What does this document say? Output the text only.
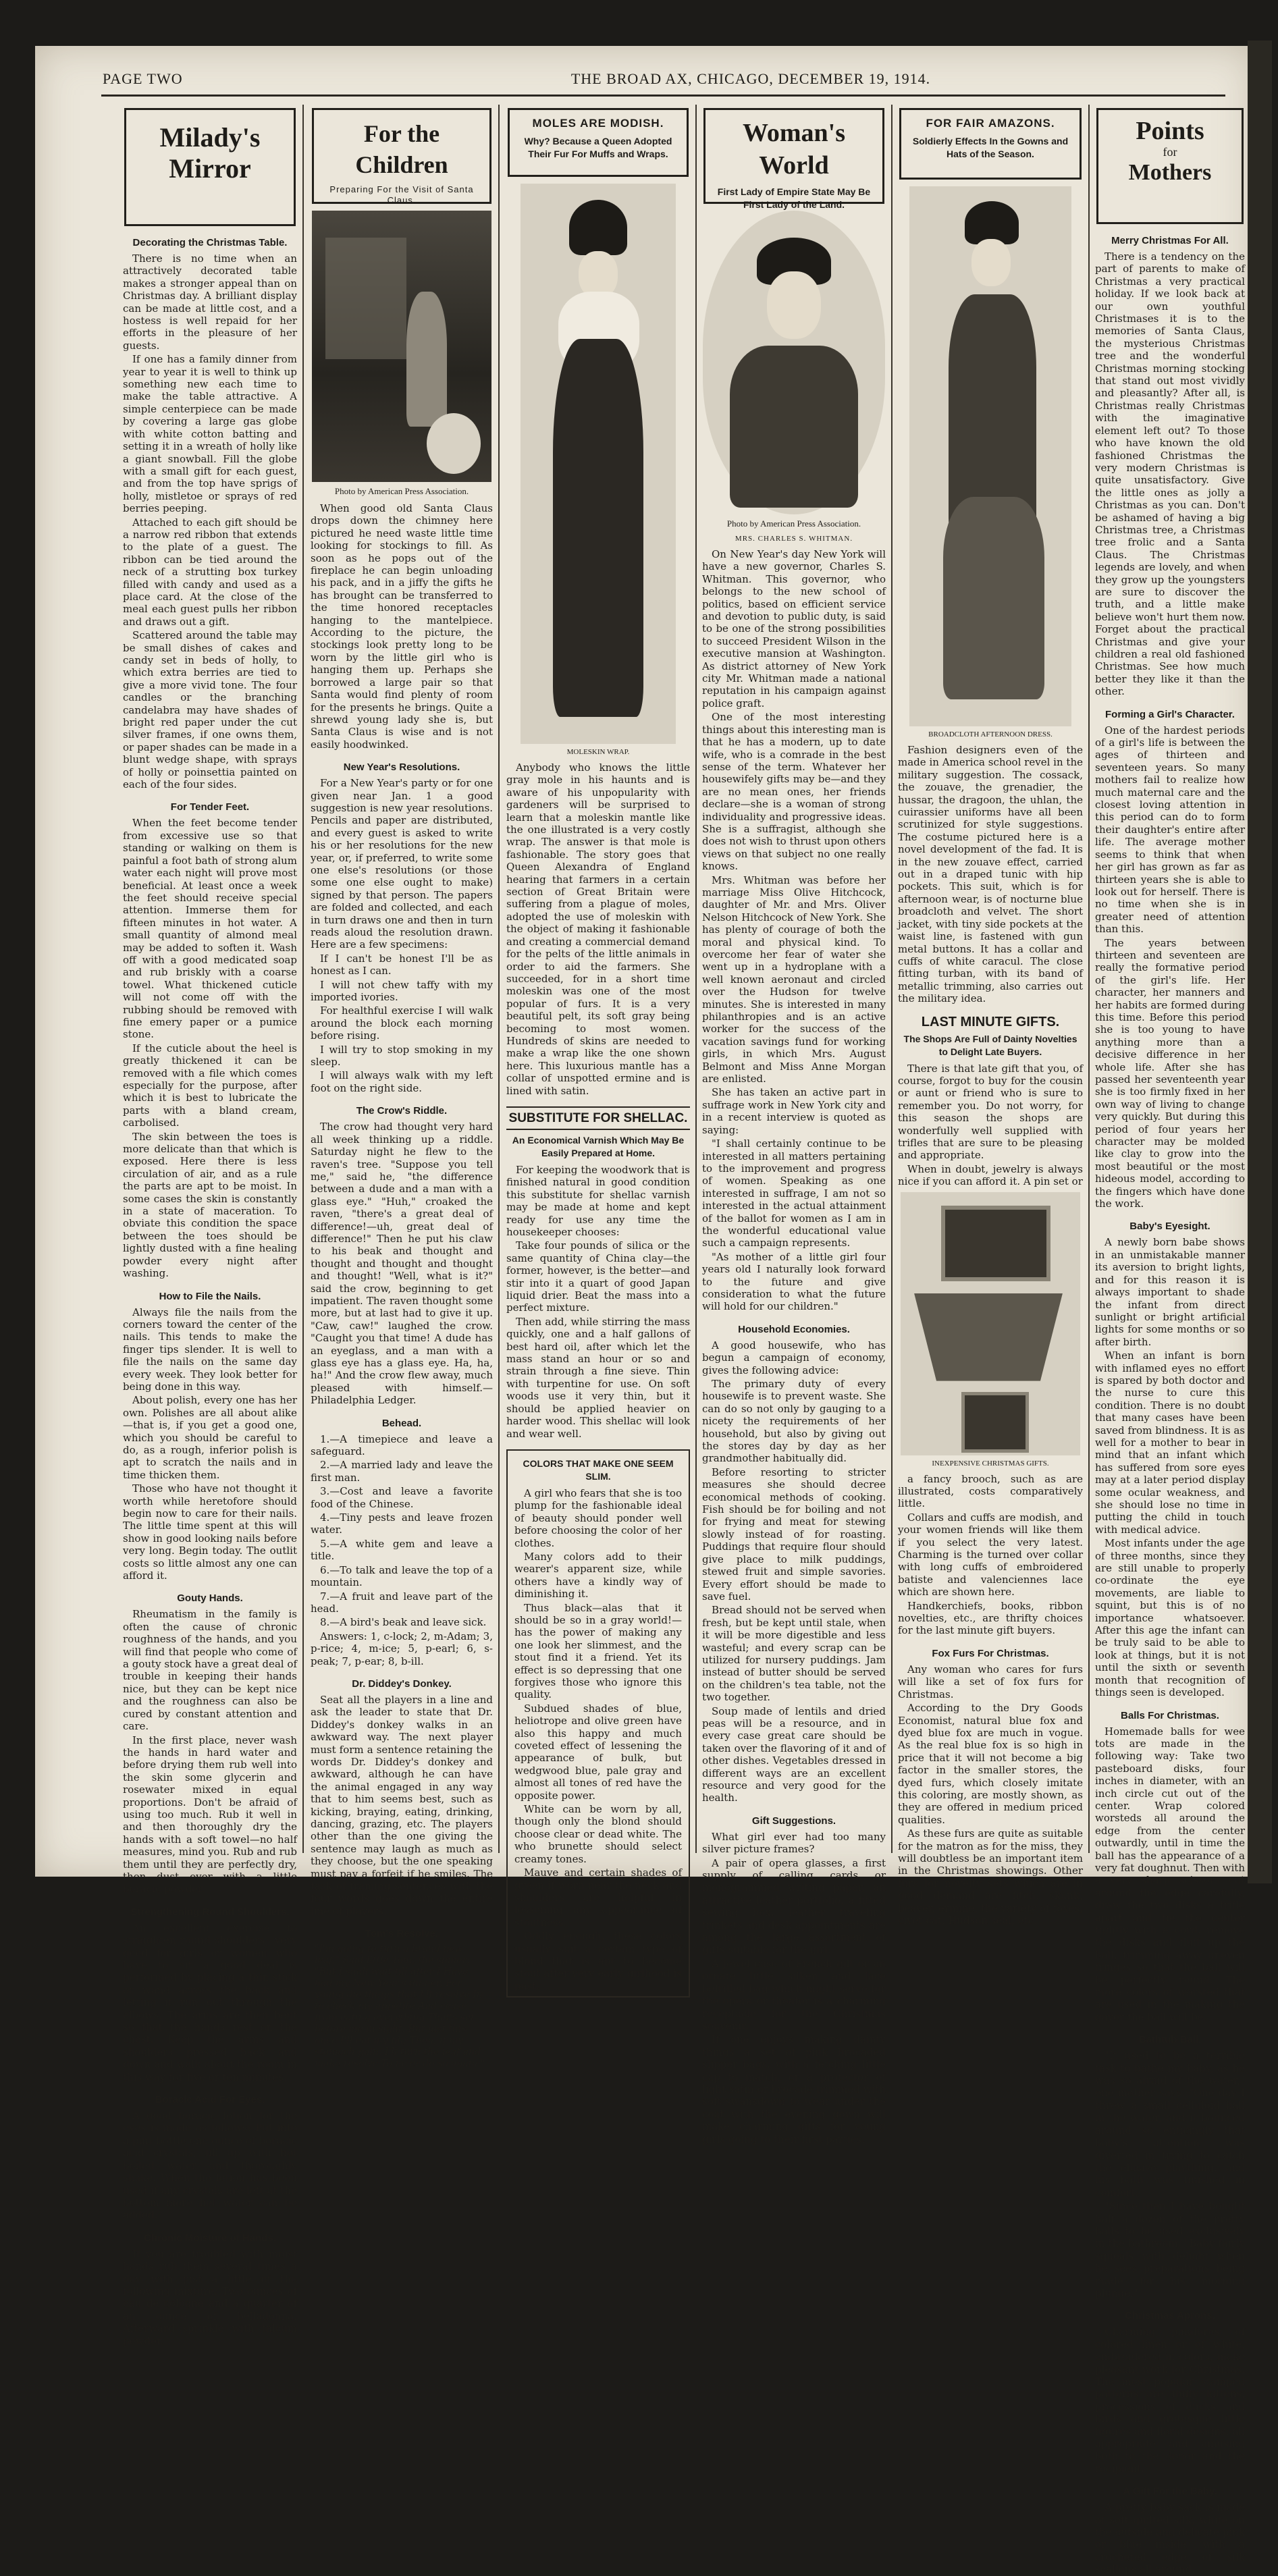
PAGE TWO	THE BROAD AX, CHICAGO, DECEMBER 19, 1914.
Milady's
Mirror
Decorating the Christmas Table.

There is no time when an attractively decorated table makes a stronger appeal than on Christmas day. A brilliant display can be made at little cost, and a hostess is well repaid for her efforts in the pleasure of her guests.

If one has a family dinner from year to year it is well to think up something new each time to make the table attractive. A simple centerpiece can be made by covering a large gas globe with white cotton batting and setting it in a wreath of holly like a giant snowball. Fill the globe with a small gift for each guest, and from the top have sprigs of holly, mistletoe or sprays of red berries peeping.

Attached to each gift should be a narrow red ribbon that extends to the plate of a guest. The ribbon can be tied around the neck of a strutting box turkey filled with candy and used as a place card. At the close of the meal each guest pulls her ribbon and draws out a gift.

Scattered around the table may be small dishes of cakes and candy set in beds of holly, to which extra berries are tied to give a more vivid tone. The four candles or the branching candelabra may have shades of bright red paper under the cut silver frames, if one owns them, or paper shades can be made in a blunt wedge shape, with sprays of holly or poinsettia painted on each of the four sides.

For Tender Feet.

When the feet become tender from excessive use so that standing or walking on them is painful a foot bath of strong alum water each night will prove most beneficial. At least once a week the feet should receive special attention. Immerse them for fifteen minutes in hot water. A small quantity of almond meal may be added to soften it. Wash off with a good medicated soap and rub briskly with a coarse towel. What thickened cuticle will not come off with the rubbing should be removed with fine emery paper or a pumice stone.

If the cuticle about the heel is greatly thickened it can be removed with a file which comes especially for the purpose, after which it is best to lubricate the parts with a bland cream, carbolised.

The skin between the toes is more delicate than that which is exposed. Here there is less circulation of air, and as a rule the parts are apt to be moist. In some cases the skin is constantly in a state of maceration. To obviate this condition the space between the toes should be lightly dusted with a fine healing powder every night after washing.

How to File the Nails.

Always file the nails from the corners toward the center of the nails. This tends to make the finger tips slender. It is well to file the nails on the same day every week. They look better for being done in this way.

About polish, every one has her own. Polishes are all about alike—that is, if you get a good one, which you should be careful to do, as a rough, inferior polish is apt to scratch the nails and in time thicken them.

Those who have not thought it worth while heretofore should begin now to care for their nails. The little time spent at this will show in good looking nails before very long. Begin today. The outlit costs so little almost any one can afford it.

Gouty Hands.

Rheumatism in the family is often the cause of chronic roughness of the hands, and you will find that people who come of a gouty stock have a great deal of trouble in keeping their hands nice, but they can be kept nice and the roughness can also be cured by constant attention and care.

In the first place, never wash the hands in hard water and before drying them rub well into the skin some glycerin and rosewater mixed in equal proportions. Don't be afraid of using too much. Rub it well in and then thoroughly dry the hands with a soft towel—no half measures, mind you. Rub and rub them until they are perfectly dry, then dust over with a little boracic powder.

Strengthening Round Shoulders.

An excellent exercise to straighten round shoulders—very good for girls or women who have to sit a good deal—is performed by placing a thin stick or wand across the back and letting it run out through the elbows. The arms are then bent so that the hands rest on the chest. Keep the arms and shoulders pressed back and down and walk about the room in this way for five or ten minutes.

Boracic Acid For Eyes.

A good boracic lotion for the eyes is made as follows: Put into a pint bottle one ounce of boracic acid crystals, fill up with hot boiled water and thoroughly shake. When the lotion has been used if any crystals are left at the bottom more hot water can be added.

Chronic Moisture of Hands.

If you are troubled with moist hands rub them several times a day with just a little of the following mixture: Two ounces of eau de cologne and a quarter of an ounce of belladonna. Afterward sprinkle with talcum powder.

For the Children
Preparing For the Visit of Santa Claus.
Photo by American Press Association.

When good old Santa Claus drops down the chimney here pictured he need waste little time looking for stockings to fill. As soon as he pops out of the fireplace he can begin unloading his pack, and in a jiffy the gifts he has brought can be transferred to the time honored receptacles hanging to the mantelpiece. According to the picture, the stockings look pretty long to be worn by the little girl who is hanging them up. Perhaps she borrowed a large pair so that Santa would find plenty of room for the presents he brings. Quite a shrewd young lady she is, but Santa Claus is wise and is not easily hoodwinked.

New Year's Resolutions.

For a New Year's party or for one given near Jan. 1 a good suggestion is new year resolutions. Pencils and paper are distributed, and every guest is asked to write his or her resolutions for the new year, or, if preferred, to write some one else's resolutions (or those some one else ought to make) signed by that person. The papers are folded and collected, and each in turn draws one and then in turn reads aloud the resolution drawn. Here are a few specimens:

If I can't be honest I'll be as honest as I can.

I will not chew taffy with my imported ivories.

For healthful exercise I will walk around the block each morning before rising.

I will try to stop smoking in my sleep.

I will always walk with my left foot on the right side.

The Crow's Riddle.

The crow had thought very hard all week thinking up a riddle. Saturday night he flew to the raven's tree. "Suppose you tell me," said he, "the difference between a dude and a man with a glass eye." "Huh," croaked the raven, "there's a great deal of difference!—uh, great deal of difference!" Then he put his claw to his beak and thought and thought and thought and thought and thought! "Well, what is it?" said the crow, beginning to get impatient. The raven thought some more, but at last had to give it up. "Caw, caw!" laughed the crow. "Caught you that time! A dude has an eyeglass, and a man with a glass eye has a glass eye. Ha, ha, ha!" And the crow flew away, much pleased with himself.—Philadelphia Ledger.

Behead.

1.—A timepiece and leave a safeguard.

2.—A married lady and leave the first man.

3.—Cost and leave a favorite food of the Chinese.

4.—Tiny pests and leave frozen water.

5.—A white gem and leave a title.

6.—To talk and leave the top of a mountain.

7.—A fruit and leave part of the head.

8.—A bird's beak and leave sick.

Answers: 1, c-lock; 2, m-Adam; 3, p-rice; 4, m-ice; 5, p-earl; 6, s-peak; 7, p-ear; 8, b-ill.

Dr. Diddey's Donkey.

Seat all the players in a line and ask the leader to state that Dr. Diddey's donkey walks in an awkward way. The next player must form a sentence retaining the words Dr. Diddey's donkey and awkward, although he can have the animal engaged in any way that to him seems best, such as kicking, braying, eating, drinking, dancing, grazing, etc. The players other than the one giving the sentence may laugh as much as they choose, but the one speaking must pay a forfeit if he smiles. The task of framing sentences with the four words goes down the entire line of players.

Tom's Resolve.

"I'm going to turn a brand new leaf," Said little Tom, the sinner; "But I shall wait till after I Have had my New Year's dinner, For young die things that I'll resolve In to check my appetite And cease from eating everything That's set before me in sight. But just this once I'll eat my fill; Then, if my stomach gain, I'll turn the leaf and make resolve To ne'er do so again."

MOLES ARE MODISH.
Why? Because a Queen Adopted Their Fur For Muffs and Wraps.
MOLESKIN WRAP.

Anybody who knows the little gray mole in his haunts and is aware of his unpopularity with gardeners will be surprised to learn that a moleskin mantle like the one illustrated is a very costly wrap. The answer is that mole is fashionable. The story goes that Queen Alexandra of England hearing that farmers in a certain section of Great Britain were suffering from a plague of moles, adopted the use of moleskin with the object of making it fashionable and creating a commercial demand for the pelts of the little animals in order to aid the farmers. She succeeded, for in a short time moleskin was one of the most popular of furs. It is a very beautiful pelt, its soft gray being becoming to most women. Hundreds of skins are needed to make a wrap like the one shown here. This luxurious mantle has a collar of unspotted ermine and is lined with satin.

SUBSTITUTE FOR SHELLAC.
An Economical Varnish Which May Be Easily Prepared at Home.

For keeping the woodwork that is finished natural in good condition this substitute for shellac varnish may be made at home and kept ready for use any time the housekeeper chooses:

Take four pounds of silica or the same quantity of China clay—the former, however, is the better—and stir into it a quart of good Japan liquid drier. Beat the mass into a perfect mixture.

Then add, while stirring the mass quickly, one and a half gallons of best hard oil, after which let the mass stand an hour or so and strain through a fine sieve. Thin with turpentine for use. On soft woods use it very thin, but it should be applied heavier on harder wood. This shellac will look and wear well.

COLORS THAT MAKE ONE SEEM SLIM.

A girl who fears that she is too plump for the fashionable ideal of beauty should ponder well before choosing the color of her clothes.

Many colors add to their wearer's apparent size, while others have a kindly way of diminishing it.

Thus black—alas that it should be so in a gray world!—has the power of making any one look her slimmest, and the stout find it a friend. Yet its effect is so depressing that one forgives those who ignore this quality.

Subdued shades of blue, heliotrope and olive green have also this happy and much coveted effect of lessening the appearance of bulk, but wedgwood blue, pale gray and almost all tones of red have the opposite power.

White can be worn by all, though only the blond should choose clear or dead white. The who brunette should select creamy tones.

Mauve and certain shades of green if worn near the neck and shoulders are helpful in lessening any appearance of stoutness.

Oddly enough, these colors usually suit a certain type of blond that is apt to become stout after very early girlhood is past.

Woman's World
First Lady of Empire State May Be First Lady of the Land.
Photo by American Press Association.
MRS. CHARLES S. WHITMAN.

On New Year's day New York will have a new governor, Charles S. Whitman. This governor, who belongs to the new school of politics, based on efficient service and devotion to public duty, is said to be one of the strong possibilities to succeed President Wilson in the executive mansion at Washington. As district attorney of New York city Mr. Whitman made a national reputation in his campaign against police graft.

One of the most interesting things about this interesting man is that he has a modern, up to date wife, who is a comrade in the best sense of the term. Whatever her housewifely gifts may be—and they are no mean ones, her friends declare—she is a woman of strong individuality and progressive ideas. She is a suffragist, although she does not wish to thrust upon others views on that subject no one really knows.

Mrs. Whitman was before her marriage Miss Olive Hitchcock, daughter of Mr. and Mrs. Oliver Nelson Hitchcock of New York. She has plenty of courage of both the moral and physical kind. To overcome her fear of water she went up in a hydroplane with a well known aeronaut and circled over the Hudson for twelve minutes. She is interested in many philanthropies and is an active worker for the success of the vacation savings fund for working girls, in which Mrs. August Belmont and Miss Anne Morgan are enlisted.

She has taken an active part in suffrage work in New York city and in a recent interview is quoted as saying:

"I shall certainly continue to be interested in all matters pertaining to the improvement and progress of women. Speaking as one interested in suffrage, I am not so interested in the actual attainment of the ballot for women as I am in the wonderful educational value such a campaign represents.

"As mother of a little girl four years old I naturally look forward to the future and give consideration to what the future will hold for our children."

Household Economies.

A good housewife, who has begun a campaign of economy, gives the following advice:

The primary duty of every housewife is to prevent waste. She can do so not only by gauging to a nicety the requirements of her household, but also by giving out the stores day by day as her grandmother habitually did.

Before resorting to stricter measures she should decree economical methods of cooking. Fish should be for boiling and not for frying and meat for stewing slowly instead of for roasting. Puddings that require flour should give place to milk puddings, stewed fruit and simple savories. Every effort should be made to save fuel.

Bread should not be served when fresh, but be kept until stale, when it will be more digestible and less wasteful; and every scrap can be utilized for nursery puddings. Jam instead of butter should be served on the children's tea table, not the two together.

Soup made of lentils and dried peas will be a resource, and in every case great care should be taken over the flavoring of it and of other dishes. Vegetables dressed in different ways are an excellent resource and very good for the health.

Gift Suggestions.

What girl ever had too many silver picture frames?

A pair of opera glasses, a first supply of calling cards or monogrammed writing paper, an attractive leather portfolio, a fitted sewing box, leather traveling trinkets and desk appointments are among the large assortment of gifts suitable for the girl.

A jewel case of French gilt or an ornate little silken and lace befrilled bag which might serve for the opera or theater is a charming receptacle for the Christmas souvenir.

If one enjoys making dainty things a set of pink brocaded slipper bags, with a fetching little cap to match, or a protector of light satin or brocade trimmed with soft swansdown to wear under the coat with the evening gown will make charming gifts for young girls going to their first parties.

FOR FAIR AMAZONS.
Soldierly Effects In the Gowns and Hats of the Season.
BROADCLOTH AFTERNOON DRESS.

Fashion designers even of the made in America school revel in the military suggestion. The cossack, the zouave, the grenadier, the hussar, the dragoon, the uhlan, the cuirassier uniforms have all been scrutinized for style suggestions. The costume pictured here is a novel development of the fad. It is in the new zouave effect, carried out in a draped tunic with hip pockets. This suit, which is for afternoon wear, is of nocturne blue broadcloth and velvet. The short jacket, with tiny side pockets at the waist line, is fastened with gun metal buttons. It has a collar and cuffs of white caracul. The close fitting turban, with its band of metallic trimming, also carries out the military idea.

LAST MINUTE GIFTS.
The Shops Are Full of Dainty Novelties to Delight Late Buyers.

There is that late gift that you, of course, forgot to buy for the cousin or aunt or friend who is sure to remember you. Do not worry, for this season the shops are wonderfully well supplied with trifles that are sure to be pleasing and appropriate.

When in doubt, jewelry is always nice if you can afford it. A pin set or

INEXPENSIVE CHRISTMAS GIFTS.

a fancy brooch, such as are illustrated, costs comparatively little.

Collars and cuffs are modish, and your women friends will like them if you select the very latest. Charming is the turned over collar with long cuffs of embroidered batiste and valenciennes lace which are shown here.

Handkerchiefs, books, ribbon novelties, etc., are thrifty choices for the last minute gift buyers.

Fox Furs For Christmas.

Any woman who cares for furs will like a set of fox furs for Christmas.

According to the Dry Goods Economist, natural blue fox and dyed blue fox are much in vogue. As the real blue fox is so high in price that it will not become a big factor in the smaller stores, the dyed furs, which closely imitate this coloring, are mostly shown, as they are offered in medium priced qualities.

As these furs are quite as suitable for the matron as for the miss, they will doubtless be an important item in the Christmas showings. Other furs for novelty sets which are in good demand are fitch, skunk, beaver, ermine, the variety of foxes, civet cat, Hudson seal, etc.

Points
for
Mothers
Merry Christmas For All.

There is a tendency on the part of parents to make of Christmas a very practical holiday. If we look back at our own youthful Christmases it is to the memories of Santa Claus, the mysterious Christmas tree and the wonderful Christmas morning stocking that stand out most vividly and pleasantly? After all, is Christmas really Christmas with the imaginative element left out? To those who have known the old fashioned Christmas the very modern Christmas is quite unsatisfactory. Give the little ones as jolly a Christmas as you can. Don't be ashamed of having a big Christmas tree, a Christmas tree frolic and a Santa Claus. The Christmas legends are lovely, and when they grow up the youngsters are sure to discover the truth, and a little make believe won't hurt them now. Forget about the practical Christmas and give your children a real old fashioned Christmas. See how much better they like it than the other.

Forming a Girl's Character.

One of the hardest periods of a girl's life is between the ages of thirteen and seventeen years. So many mothers fail to realize how much maternal care and the closest loving attention in this period can do to form their daughter's entire after life. The average mother seems to think that when her girl has grown as far as thirteen years she is able to look out for herself. There is no time when she is in greater need of attention than this.

The years between thirteen and seventeen are really the formative period of the girl's life. Her character, her manners and her habits are formed during this time. Before this period she is too young to have anything more than a decisive difference in her whole life. After she has passed her seventeenth year she is too firmly fixed in her own way of living to change very quickly. But during this period of four years her character may be molded like clay to grow into the most beautiful or the most hideous model, according to the fingers which have done the work.

Baby's Eyesight.

A newly born babe shows in an unmistakable manner its aversion to bright lights, and for this reason it is always important to shade the infant from direct sunlight or bright artificial lights for some months or so after birth.

When an infant is born with inflamed eyes no effort is spared by both doctor and the nurse to cure this condition. There is no doubt that many cases have been saved from blindness. It is as well for a mother to bear in mind that an infant which has suffered from sore eyes may at a later period display some ocular weakness, and she should lose no time in putting the child in touch with medical advice.

Most infants under the age of three months, since they are still unable to properly co-ordinate the eye movements, are liable to squint, but this is of no importance whatsoever. After this age the infant can be truly said to be able to look at things, but it is not until the sixth or seventh month that recognition of things seen is developed.

Balls For Christmas.

Homemade balls for wee tots are made in the following way: Take two pasteboard disks, four inches in diameter, with an inch circle cut out of the center. Wrap colored worsteds all around the edge from the center outwardly, until in time the ball has the appearance of a very fat doughnut. Then with a very sharp scissors cut around the edge carefully, draw the two disks a trifle apart and tie the center tightly with a cord, remove the disks and fluff up the ball, trimming away uneven fringes so that the ball will be perfectly round. The more colors of worsted that are used in the making the gayer the ball will be.

Bathtub Ball.

"It used to be a terrible task to bathe my baby, as he was so afraid of the water," one mother says. "One day I threw a small celluloid ball in the water, and it bounced around so enticingly that baby's attention was diverted in trying to catch the elusive plaything, and his bath was finished in comfort.

"Since then I have bought half a dozen of the pretty balls to be used exclusively in the bathroom. "Baby fairly squeals with delight when he sees preparations being made for his morning plunge."

Christmas Aprons.

Charming pinafores of colored linen or of white, embroidered in colors, make pleasant work for Christmas. The most popular stamped patterns are fluffy kittens, processions of ducks and birds and grotesque little figures and floral designs, all appropriate and amusing both to the donor and the recipient.

A Gift For the Baby.

A pretty baby sack is made of soft quilted silk, white on the outside and delicate pink or blue inside, with a crocheted edge of silk scallops all around.
